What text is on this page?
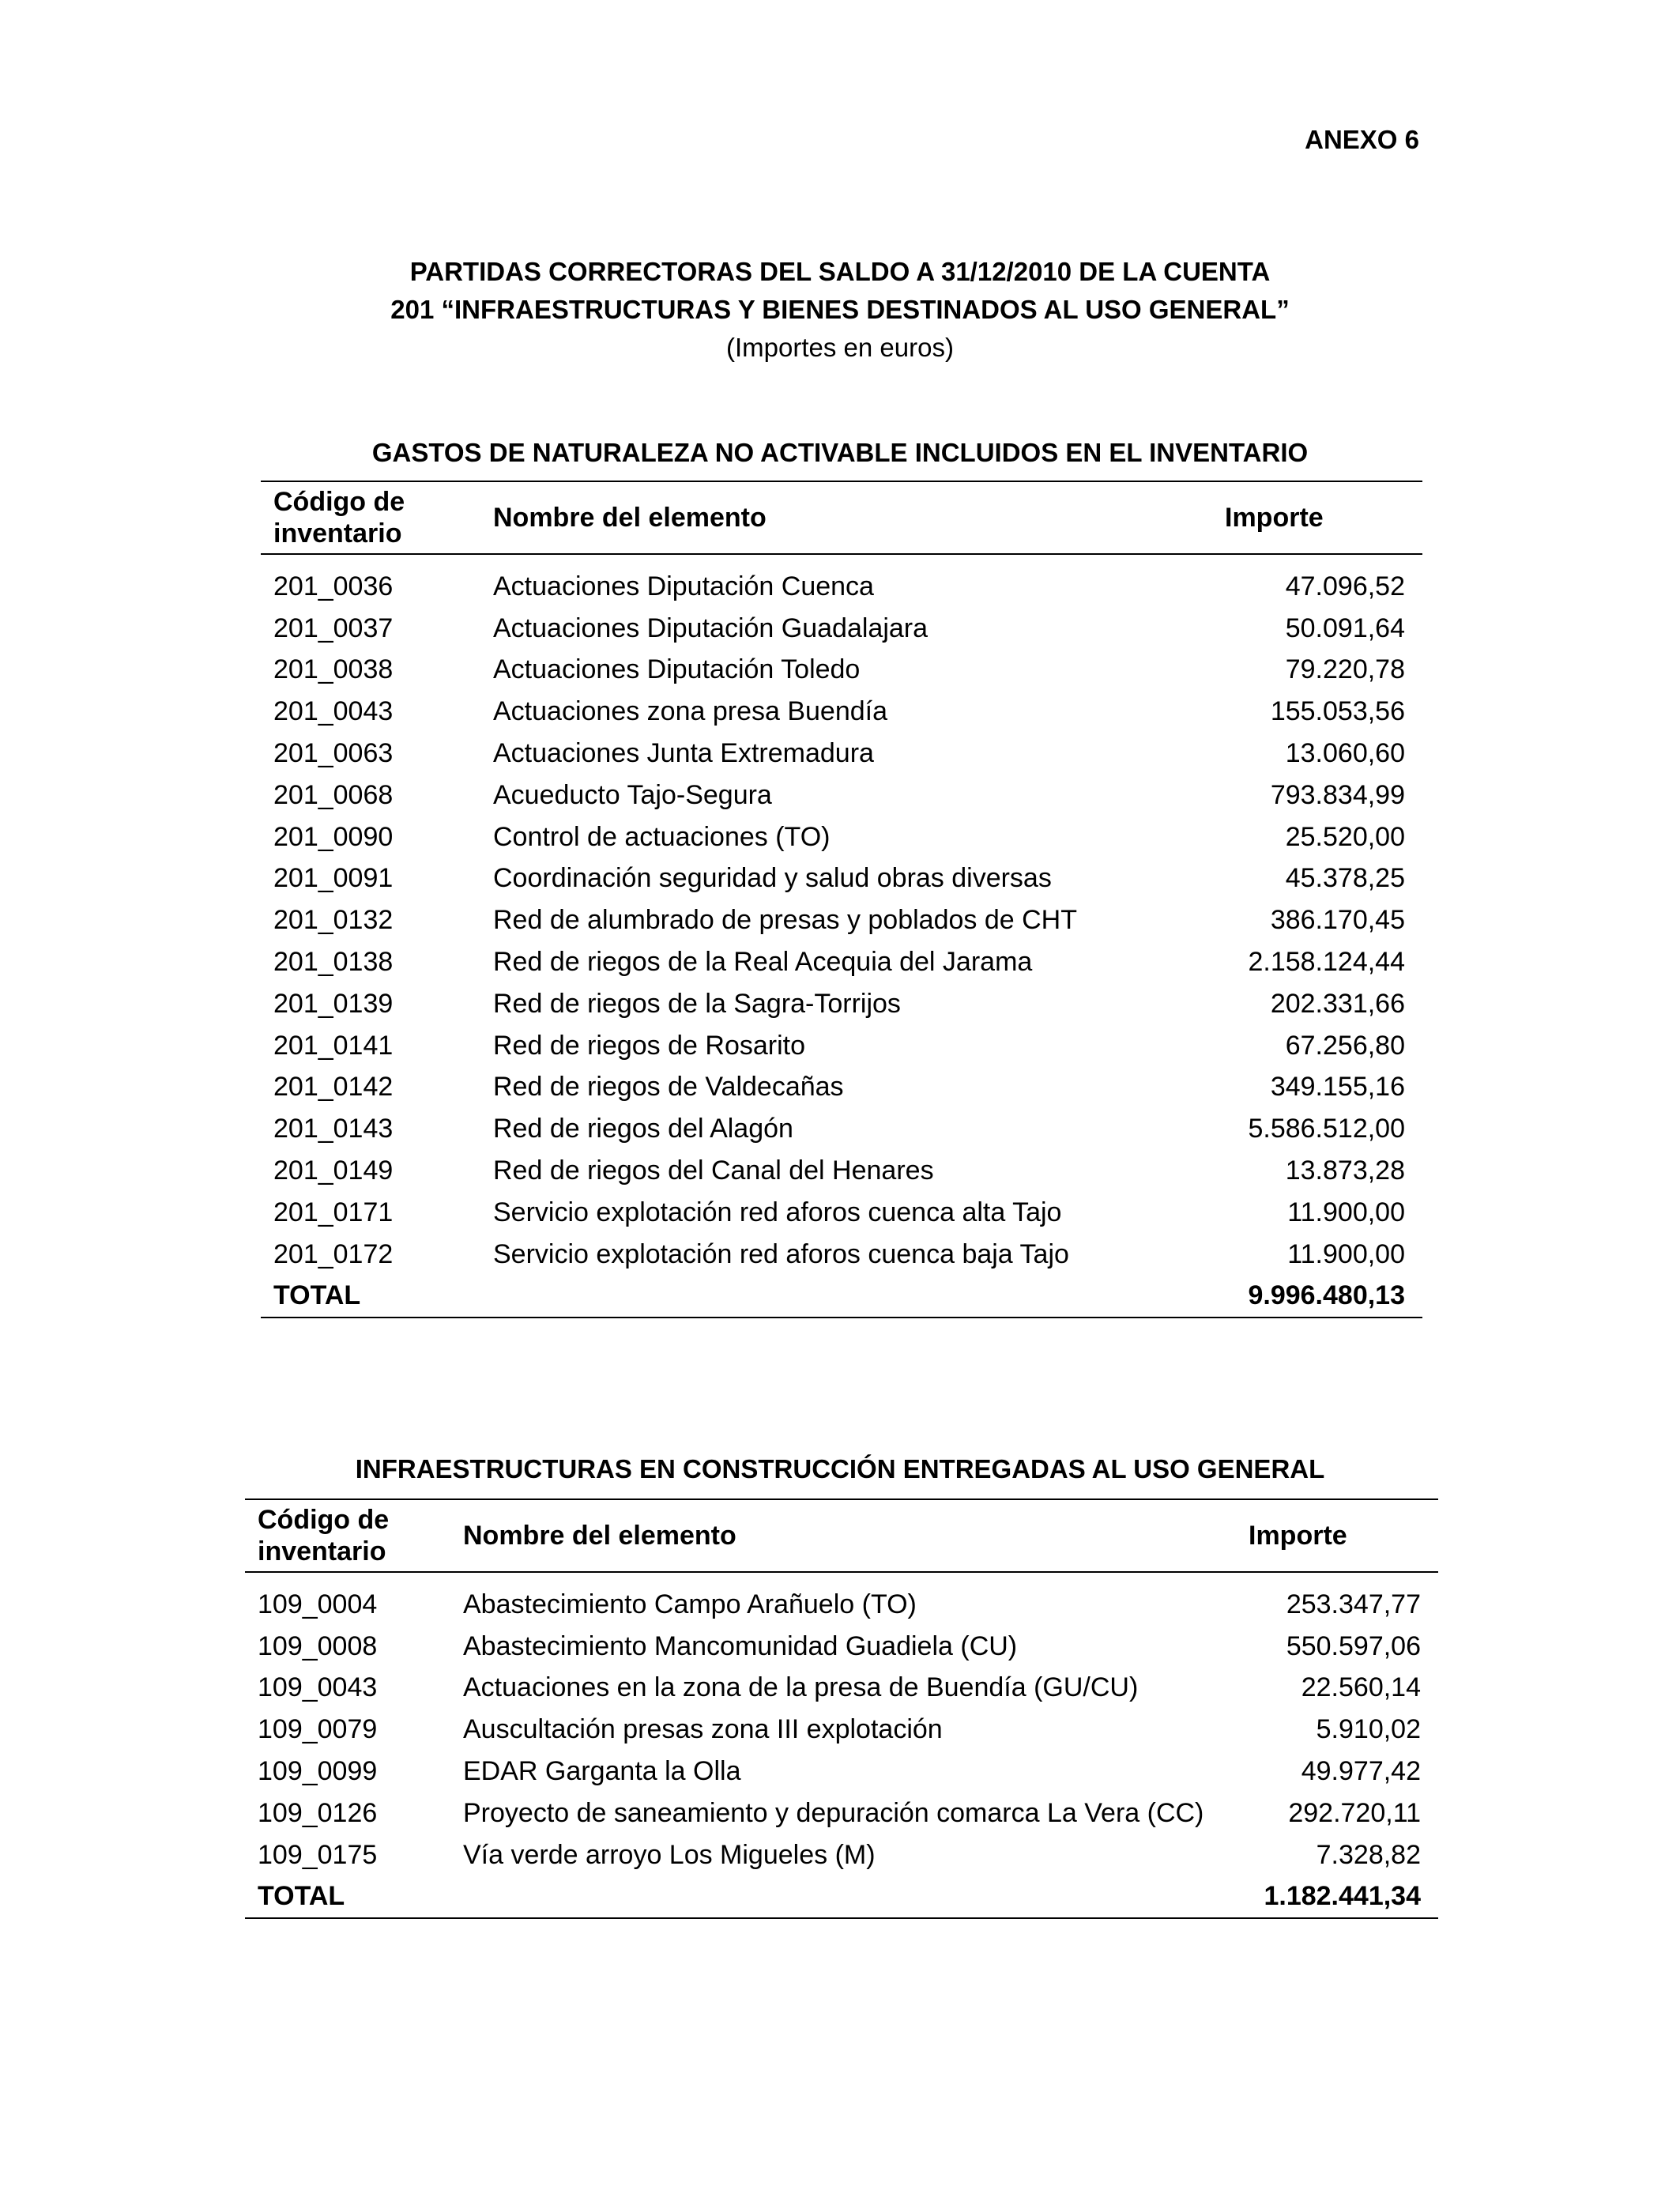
ANEXO 6
PARTIDAS CORRECTORAS DEL SALDO A 31/12/2010 DE LA CUENTA
201 “INFRAESTRUCTURAS Y BIENES DESTINADOS AL USO GENERAL”
(Importes en euros)
GASTOS DE NATURALEZA NO ACTIVABLE INCLUIDOS EN EL INVENTARIO
Código de
inventario	Nombre del elemento	Importe
201_0036	Actuaciones Diputación Cuenca	47.096,52
201_0037	Actuaciones Diputación Guadalajara	50.091,64
201_0038	Actuaciones Diputación Toledo	79.220,78
201_0043	Actuaciones zona presa Buendía	155.053,56
201_0063	Actuaciones Junta Extremadura	13.060,60
201_0068	Acueducto Tajo-Segura	793.834,99
201_0090	Control de actuaciones (TO)	25.520,00
201_0091	Coordinación seguridad y salud obras diversas	45.378,25
201_0132	Red de alumbrado de presas y poblados de CHT	386.170,45
201_0138	Red de riegos de la Real Acequia del Jarama	2.158.124,44
201_0139	Red de riegos de la Sagra-Torrijos	202.331,66
201_0141	Red de riegos de Rosarito	67.256,80
201_0142	Red de riegos de Valdecañas	349.155,16
201_0143	Red de riegos del Alagón	5.586.512,00
201_0149	Red de riegos del Canal del Henares	13.873,28
201_0171	Servicio explotación red aforos cuenca alta Tajo	11.900,00
201_0172	Servicio explotación red aforos cuenca baja Tajo	11.900,00
TOTAL		9.996.480,13
INFRAESTRUCTURAS EN CONSTRUCCIÓN ENTREGADAS AL USO GENERAL
Código de
inventario	Nombre del elemento	Importe
109_0004	Abastecimiento Campo Arañuelo (TO)	253.347,77
109_0008	Abastecimiento Mancomunidad Guadiela (CU)	550.597,06
109_0043	Actuaciones en la zona de la presa de Buendía (GU/CU)	22.560,14
109_0079	Auscultación presas zona III explotación	5.910,02
109_0099	EDAR Garganta la Olla	49.977,42
109_0126	Proyecto de saneamiento y depuración comarca La Vera (CC)	292.720,11
109_0175	Vía verde arroyo Los Migueles (M)	7.328,82
TOTAL		1.182.441,34
